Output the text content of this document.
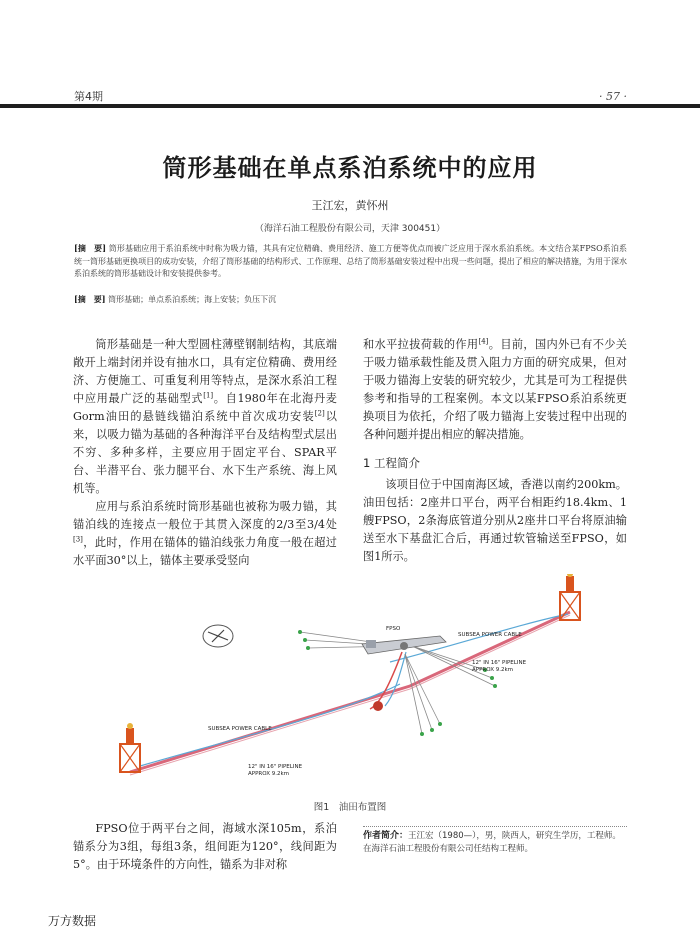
第4期	· 57 ·
筒形基础在单点系泊系统中的应用
王江宏，黄怀州
（海洋石油工程股份有限公司，天津 300451）
[摘　要] 筒形基础应用于系泊系统中时称为吸力锚，其具有定位精确、费用经济、施工方便等优点而被广泛应用于深水系泊系统。本文结合某FPSO系泊系统一筒形基础更换项目的成功安装，介绍了筒形基础的结构形式、工作原理、总结了筒形基础安装过程中出现一些问题，提出了相应的解决措施，为用于深水系泊系统的筒形基础设计和安装提供参考。
[摘　要] 筒形基础；单点系泊系统；海上安装；负压下沉

筒形基础是一种大型圆柱薄壁钢制结构，其底端敞开上端封闭并设有抽水口，具有定位精确、费用经济、方便施工、可重复利用等特点，是深水系泊工程中应用最广泛的基础型式[1]。自1980年在北海丹麦Gorm油田的悬链线锚泊系统中首次成功安装[2]以来，以吸力锚为基础的各种海洋平台及结构型式层出不穷、多种多样，主要应用于固定平台、SPAR平台、半潜平台、张力腿平台、水下生产系统、海上风机等。

应用与系泊系统时筒形基础也被称为吸力锚，其锚泊线的连接点一般位于其贯入深度的2/3至3/4处[3]，此时，作用在锚体的锚泊线张力角度一般在超过水平面30°以上，锚体主要承受竖向

和水平拉拔荷载的作用[4]。目前，国内外已有不少关于吸力锚承载性能及贯入阻力方面的研究成果，但对于吸力锚海上安装的研究较少，尤其是可为工程提供参考和指导的工程案例。本文以某FPSO系泊系统更换项目为依托，介绍了吸力锚海上安装过程中出现的各种问题并提出相应的解决措施。

1 工程简介

该项目位于中国南海区域，香港以南约200km。油田包括：2座井口平台，两平台相距约18.4km、1艘FPSO，2条海底管道分别从2座井口平台将原油输送至水下基盘汇合后，再通过软管输送至FPSO，如图1所示。

FPSO
SUBSEA POWER CABLE
12" IN 16" PIPELINE
APPROX 9.2km
SUBSEA POWER CABLE
12" IN 16" PIPELINE
APPROX 9.2km
图1　油田布置图

FPSO位于两平台之间，海域水深105m，系泊锚系分为3组，每组3条，组间距为120°，线间距为5°。由于环境条件的方向性，锚系为非对称

作者简介：王江宏（1980—），男，陕西人，研究生学历，工程师。在海洋石油工程股份有限公司任结构工程师。
万方数据
